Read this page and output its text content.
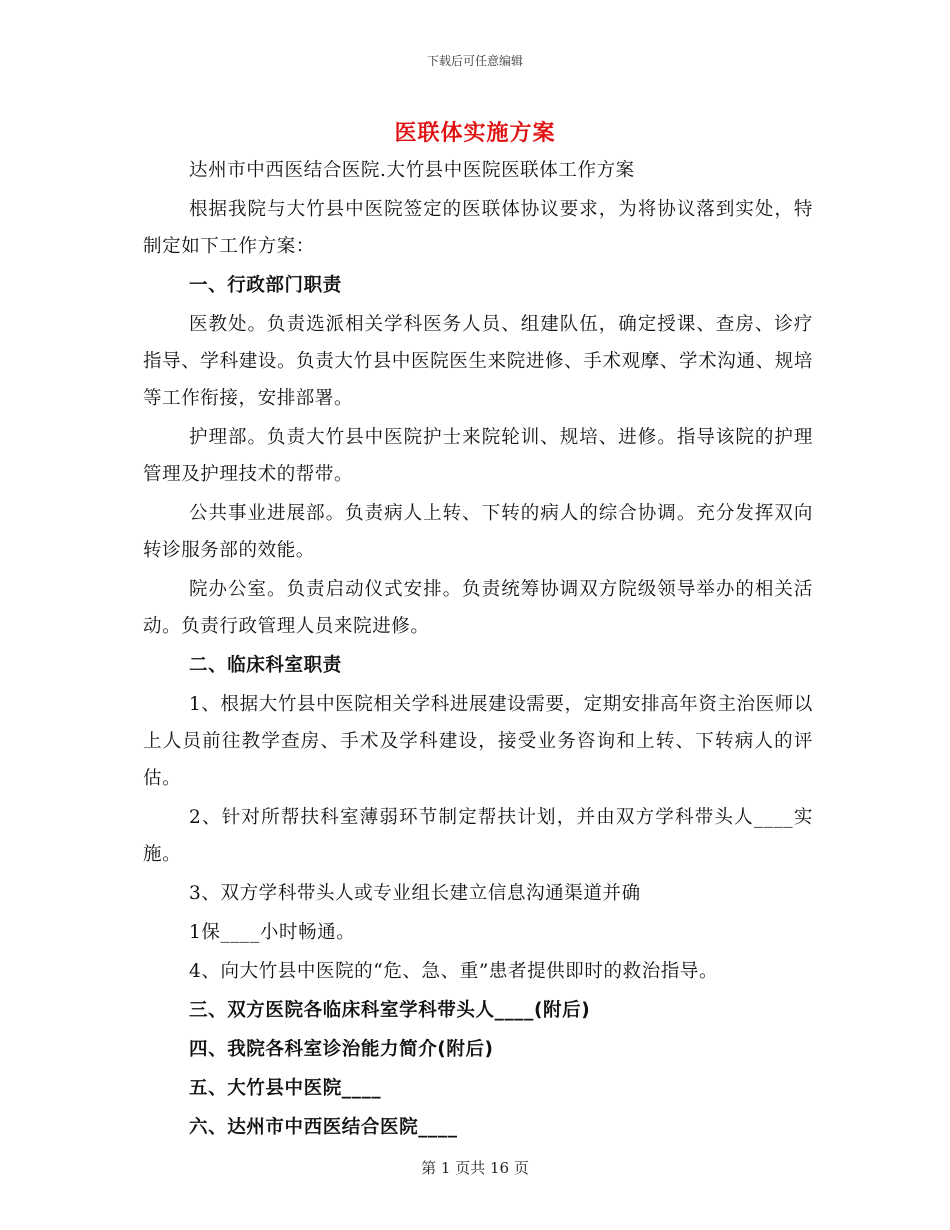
下载后可任意编辑
医联体实施方案

达州市中西医结合医院.大竹县中医院医联体工作方案

根据我院与大竹县中医院签定的医联体协议要求，为将协议落到实处，特制定如下工作方案：

一、行政部门职责

医教处。负责选派相关学科医务人员、组建队伍，确定授课、查房、诊疗指导、学科建设。负责大竹县中医院医生来院进修、手术观摩、学术沟通、规培等工作衔接，安排部署。

护理部。负责大竹县中医院护士来院轮训、规培、进修。指导该院的护理管理及护理技术的帮带。

公共事业进展部。负责病人上转、下转的病人的综合协调。充分发挥双向转诊服务部的效能。

院办公室。负责启动仪式安排。负责统筹协调双方院级领导举办的相关活动。负责行政管理人员来院进修。

二、临床科室职责

1、根据大竹县中医院相关学科进展建设需要，定期安排高年资主治医师以上人员前往教学查房、手术及学科建设，接受业务咨询和上转、下转病人的评估。

2、针对所帮扶科室薄弱环节制定帮扶计划，并由双方学科带头人____实施。

3、双方学科带头人或专业组长建立信息沟通渠道并确

1保____小时畅通。

4、向大竹县中医院的“危、急、重”患者提供即时的救治指导。

三、双方医院各临床科室学科带头人____(附后)

四、我院各科室诊治能力简介(附后)

五、大竹县中医院____

六、达州市中西医结合医院____

第 1 页共 16 页
